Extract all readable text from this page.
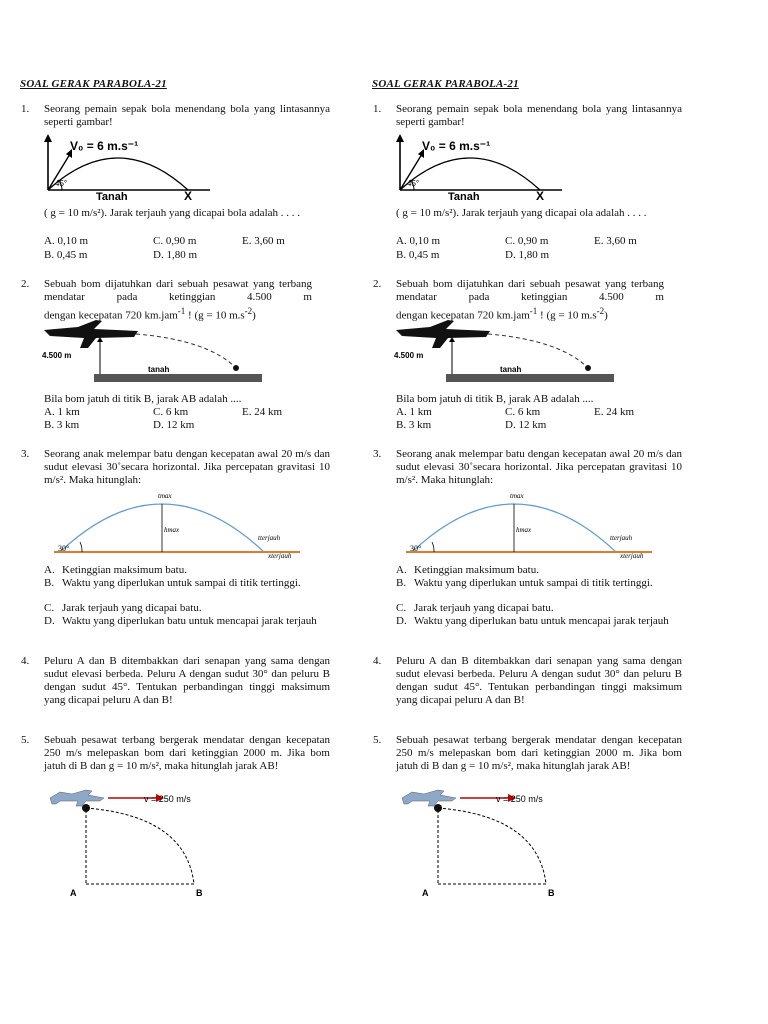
SOAL GERAK PARABOLA-21
1. Seorang pemain sepak bola menendang bola yang lintasannya seperti gambar!
V₀ = 6 m.s⁻¹
45°
Tanah	X
( g = 10 m/s²). Jarak terjauh yang dicapai bola adalah . . . .
A. 0,10 m
B. 0,45 m
C. 0,90 m
D. 1,80 m
E. 3,60 m
2. Sebuah bom dijatuhkan dari sebuah pesawat yang terbang mendatar pada ketinggian 4.500 m
dengan kecepatan 720 km.jam$^{-1}$ ! (g = 10 $m.s^{-2}$)
4.500 m
tanah
Bila bom jatuh di titik B, jarak AB adalah ....
A. 1 km
B. 3 km
C. 6 km
D. 12 km
E. 24 km
3. Seorang anak melempar batu dengan kecepatan awal 20 m/s dan sudut elevasi 30˚secara horizontal. Jika percepatan gravitasi 10 m/s². Maka hitunglah:
tmax
hmax
tterjauh
xterjauh
30°
A. Ketinggian maksimum batu.
B. Waktu yang diperlukan untuk sampai di titik tertinggi.
C. Jarak terjauh yang dicapai batu.
D. Waktu yang diperlukan batu untuk mencapai jarak terjauh
4. Peluru A dan B ditembakkan dari senapan yang sama dengan sudut elevasi berbeda. Peluru A dengan sudut 30° dan peluru B dengan sudut 45°. Tentukan perbandingan tinggi maksimum yang dicapai peluru A dan B!
5. Sebuah pesawat terbang bergerak mendatar dengan kecepatan 250 m/s melepaskan bom dari ketinggian 2000 m. Jika bom jatuh di B dan g = 10 m/s², maka hitunglah jarak AB!
v = 250 m/s
A	B
SOAL GERAK PARABOLA-21
1. Seorang pemain sepak bola menendang bola yang lintasannya seperti gambar!
V₀ = 6 m.s⁻¹
45°
Tanah	X
( g = 10 m/s²). Jarak terjauh yang dicapai ola adalah . . . .
A. 0,10 m
B. 0,45 m
C. 0,90 m
D. 1,80 m
E. 3,60 m
2. Sebuah bom dijatuhkan dari sebuah pesawat yang terbang mendatar pada ketinggian 4.500 m
dengan kecepatan 720 km.jam$^{-1}$ ! (g = 10 $m.s^{-2}$)
4.500 m
tanah
Bila bom jatuh di titik B, jarak AB adalah ....
A. 1 km
B. 3 km
C. 6 km
D. 12 km
E. 24 km
3. Seorang anak melempar batu dengan kecepatan awal 20 m/s dan sudut elevasi 30˚secara horizontal. Jika percepatan gravitasi 10 m/s². Maka hitunglah:
tmax
hmax
tterjauh
xterjauh
30°
A. Ketinggian maksimum batu.
B. Waktu yang diperlukan untuk sampai di titik tertinggi.
C. Jarak terjauh yang dicapai batu.
D. Waktu yang diperlukan batu untuk mencapai jarak terjauh
4. Peluru A dan B ditembakkan dari senapan yang sama dengan sudut elevasi berbeda. Peluru A dengan sudut 30° dan peluru B dengan sudut 45°. Tentukan perbandingan tinggi maksimum yang dicapai peluru A dan B!
5. Sebuah pesawat terbang bergerak mendatar dengan kecepatan 250 m/s melepaskan bom dari ketinggian 2000 m. Jika bom jatuh di B dan g = 10 m/s², maka hitunglah jarak AB!
v = 250 m/s
A	B
